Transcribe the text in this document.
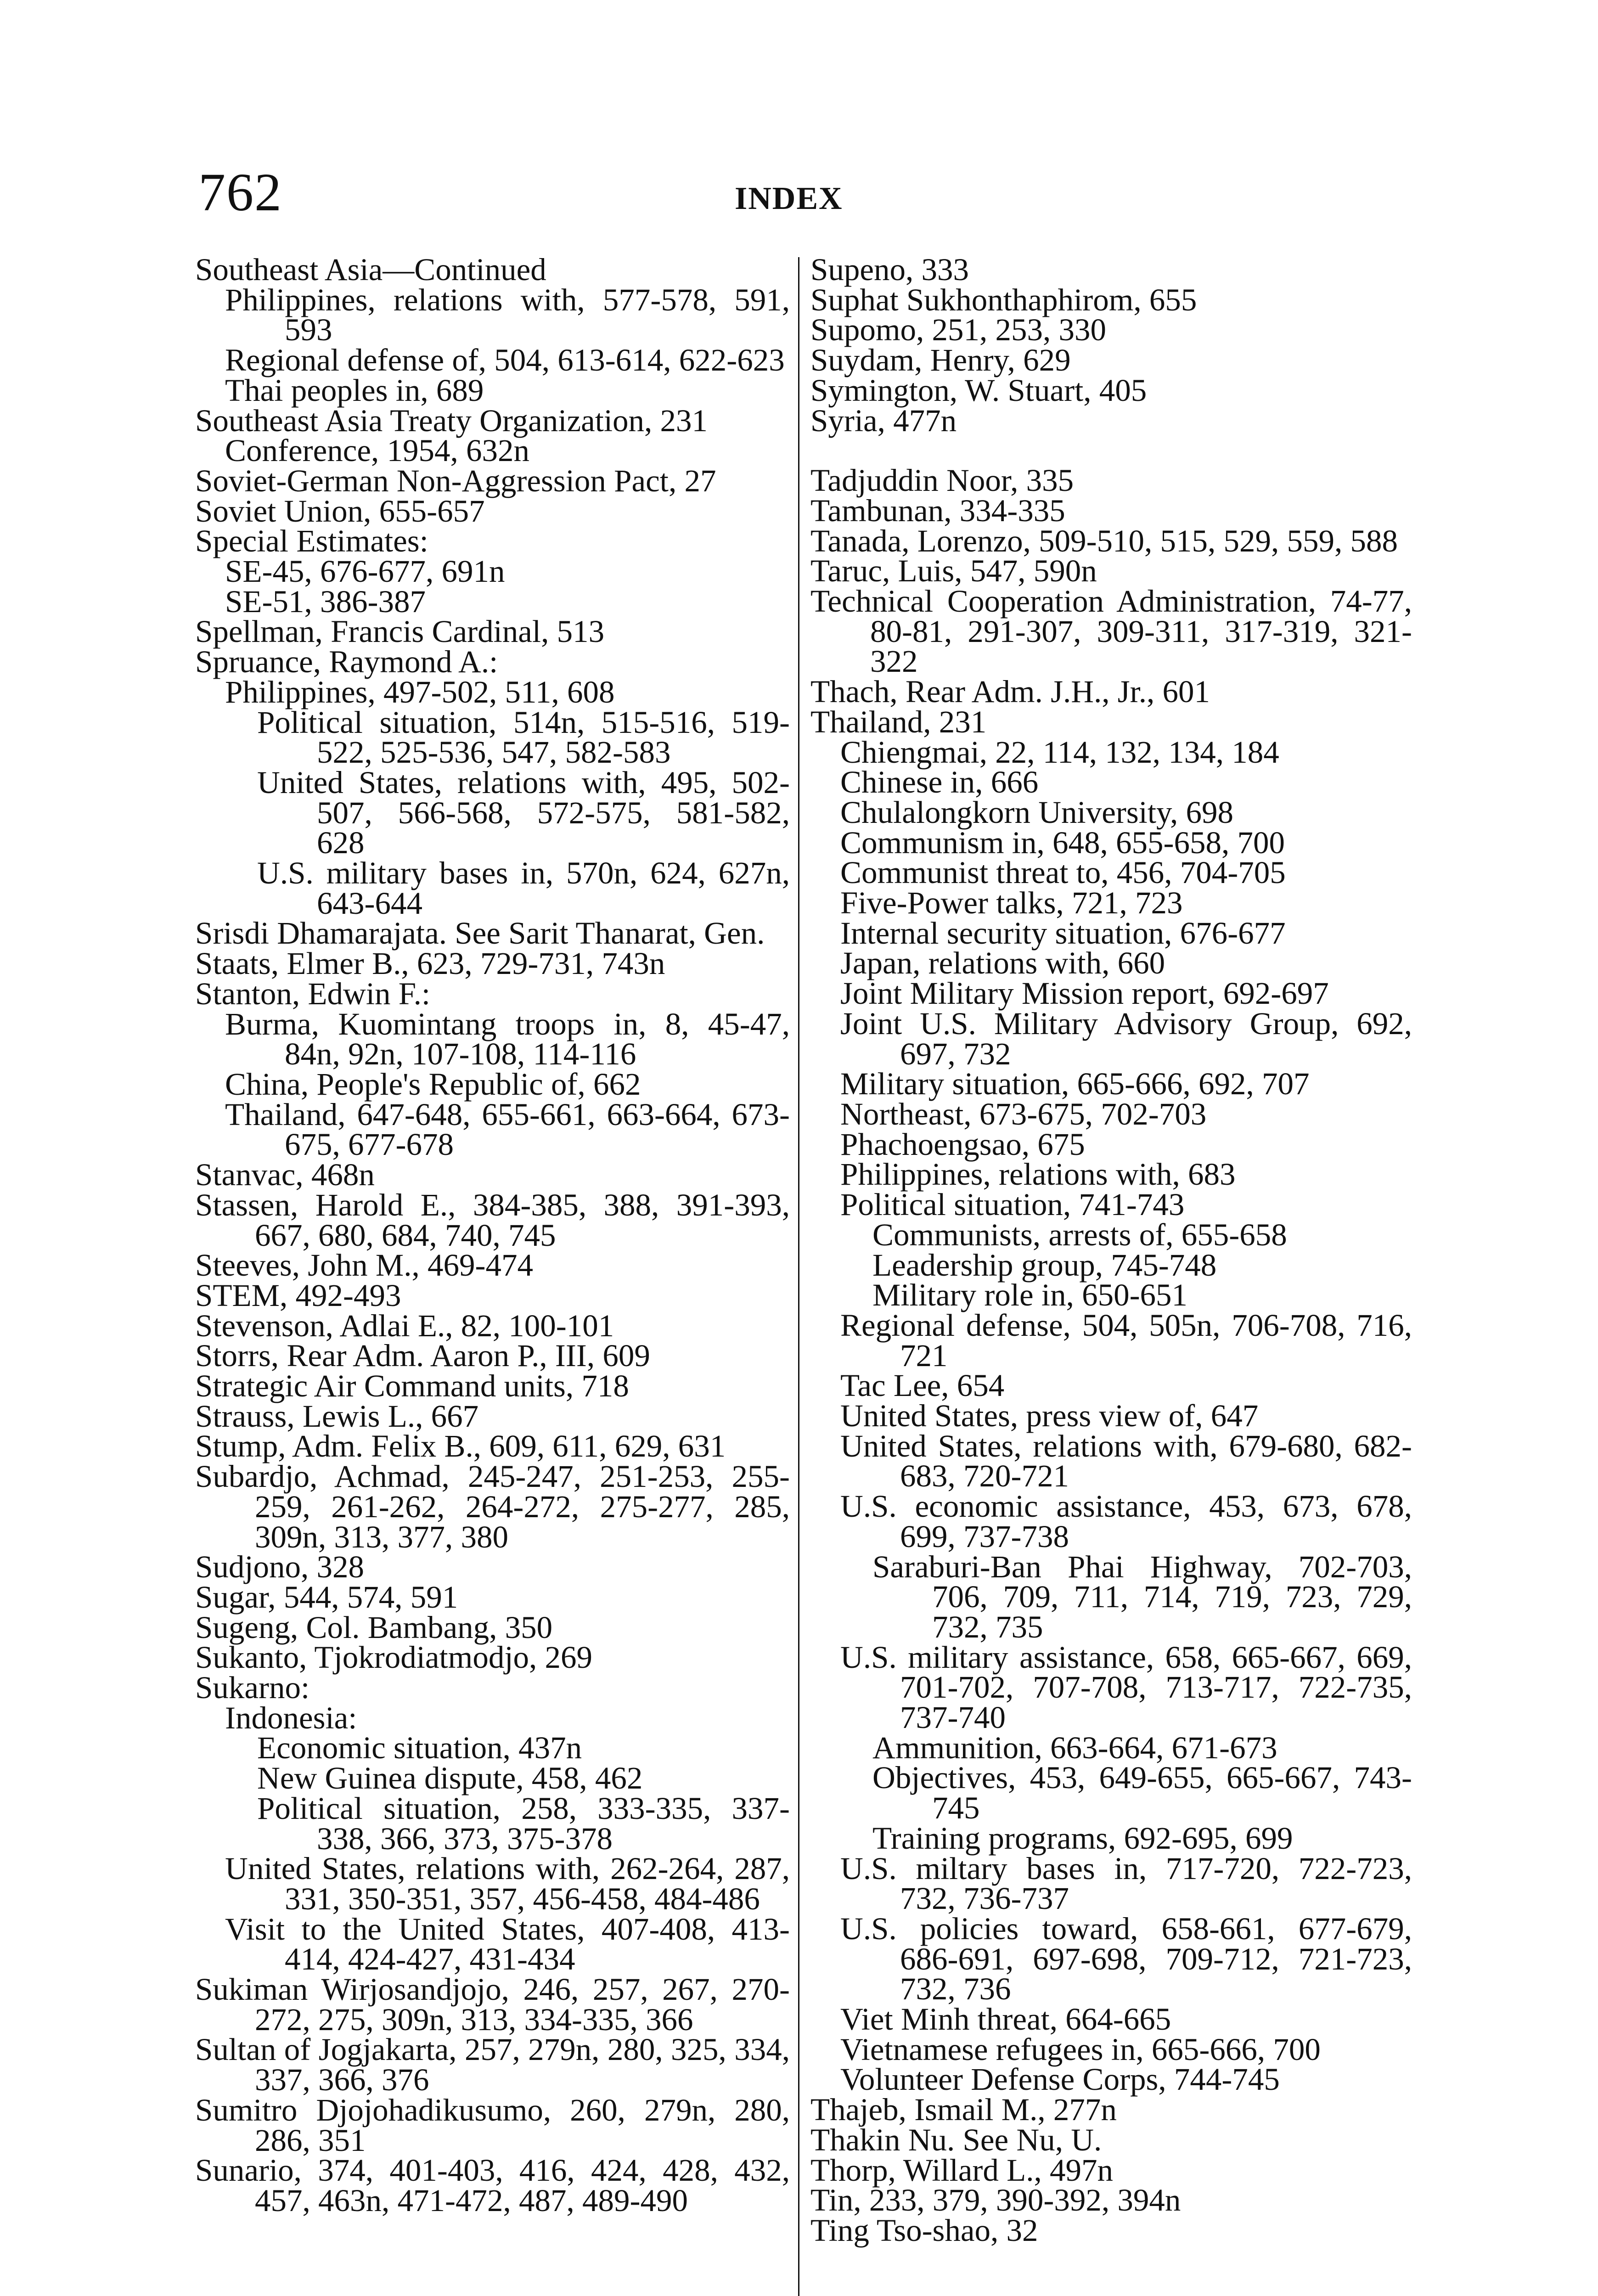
762	INDEX
Southeast Asia—Continued
Philippines, relations with, 577-578, 591, 593
Regional defense of, 504, 613-614, 622-623
Thai peoples in, 689
Southeast Asia Treaty Organization, 231
Conference, 1954, 632n
Soviet-German Non-Aggression Pact, 27
Soviet Union, 655-657
Special Estimates:
SE-45, 676-677, 691n
SE-51, 386-387
Spellman, Francis Cardinal, 513
Spruance, Raymond A.:
Philippines, 497-502, 511, 608
Political situation, 514n, 515-516, 519-522, 525-536, 547, 582-583
United States, relations with, 495, 502-507, 566-568, 572-575, 581-582, 628
U.S. military bases in, 570n, 624, 627n, 643-644
Srisdi Dhamarajata. See Sarit Thanarat, Gen.
Staats, Elmer B., 623, 729-731, 743n
Stanton, Edwin F.:
Burma, Kuomintang troops in, 8, 45-47, 84n, 92n, 107-108, 114-116
China, People's Republic of, 662
Thailand, 647-648, 655-661, 663-664, 673-675, 677-678
Stanvac, 468n
Stassen, Harold E., 384-385, 388, 391-393, 667, 680, 684, 740, 745
Steeves, John M., 469-474
STEM, 492-493
Stevenson, Adlai E., 82, 100-101
Storrs, Rear Adm. Aaron P., III, 609
Strategic Air Command units, 718
Strauss, Lewis L., 667
Stump, Adm. Felix B., 609, 611, 629, 631
Subardjo, Achmad, 245-247, 251-253, 255-259, 261-262, 264-272, 275-277, 285, 309n, 313, 377, 380
Sudjono, 328
Sugar, 544, 574, 591
Sugeng, Col. Bambang, 350
Sukanto, Tjokrodiatmodjo, 269
Sukarno:
Indonesia:
Economic situation, 437n
New Guinea dispute, 458, 462
Political situation, 258, 333-335, 337-338, 366, 373, 375-378
United States, relations with, 262-264, 287, 331, 350-351, 357, 456-458, 484-486
Visit to the United States, 407-408, 413-414, 424-427, 431-434
Sukiman Wirjosandjojo, 246, 257, 267, 270-272, 275, 309n, 313, 334-335, 366
Sultan of Jogjakarta, 257, 279n, 280, 325, 334, 337, 366, 376
Sumitro Djojohadikusumo, 260, 279n, 280, 286, 351
Sunario, 374, 401-403, 416, 424, 428, 432, 457, 463n, 471-472, 487, 489-490
Supeno, 333
Suphat Sukhonthaphirom, 655
Supomo, 251, 253, 330
Suydam, Henry, 629
Symington, W. Stuart, 405
Syria, 477n
Tadjuddin Noor, 335
Tambunan, 334-335
Tanada, Lorenzo, 509-510, 515, 529, 559, 588
Taruc, Luis, 547, 590n
Technical Cooperation Administration, 74-77, 80-81, 291-307, 309-311, 317-319, 321-322
Thach, Rear Adm. J.H., Jr., 601
Thailand, 231
Chiengmai, 22, 114, 132, 134, 184
Chinese in, 666
Chulalongkorn University, 698
Communism in, 648, 655-658, 700
Communist threat to, 456, 704-705
Five-Power talks, 721, 723
Internal security situation, 676-677
Japan, relations with, 660
Joint Military Mission report, 692-697
Joint U.S. Military Advisory Group, 692, 697, 732
Military situation, 665-666, 692, 707
Northeast, 673-675, 702-703
Phachoengsao, 675
Philippines, relations with, 683
Political situation, 741-743
Communists, arrests of, 655-658
Leadership group, 745-748
Military role in, 650-651
Regional defense, 504, 505n, 706-708, 716, 721
Tac Lee, 654
United States, press view of, 647
United States, relations with, 679-680, 682-683, 720-721
U.S. economic assistance, 453, 673, 678, 699, 737-738
Saraburi-Ban Phai Highway, 702-703, 706, 709, 711, 714, 719, 723, 729, 732, 735
U.S. military assistance, 658, 665-667, 669, 701-702, 707-708, 713-717, 722-735, 737-740
Ammunition, 663-664, 671-673
Objectives, 453, 649-655, 665-667, 743-745
Training programs, 692-695, 699
U.S. miltary bases in, 717-720, 722-723, 732, 736-737
U.S. policies toward, 658-661, 677-679, 686-691, 697-698, 709-712, 721-723, 732, 736
Viet Minh threat, 664-665
Vietnamese refugees in, 665-666, 700
Volunteer Defense Corps, 744-745
Thajeb, Ismail M., 277n
Thakin Nu. See Nu, U.
Thorp, Willard L., 497n
Tin, 233, 379, 390-392, 394n
Ting Tso-shao, 32
